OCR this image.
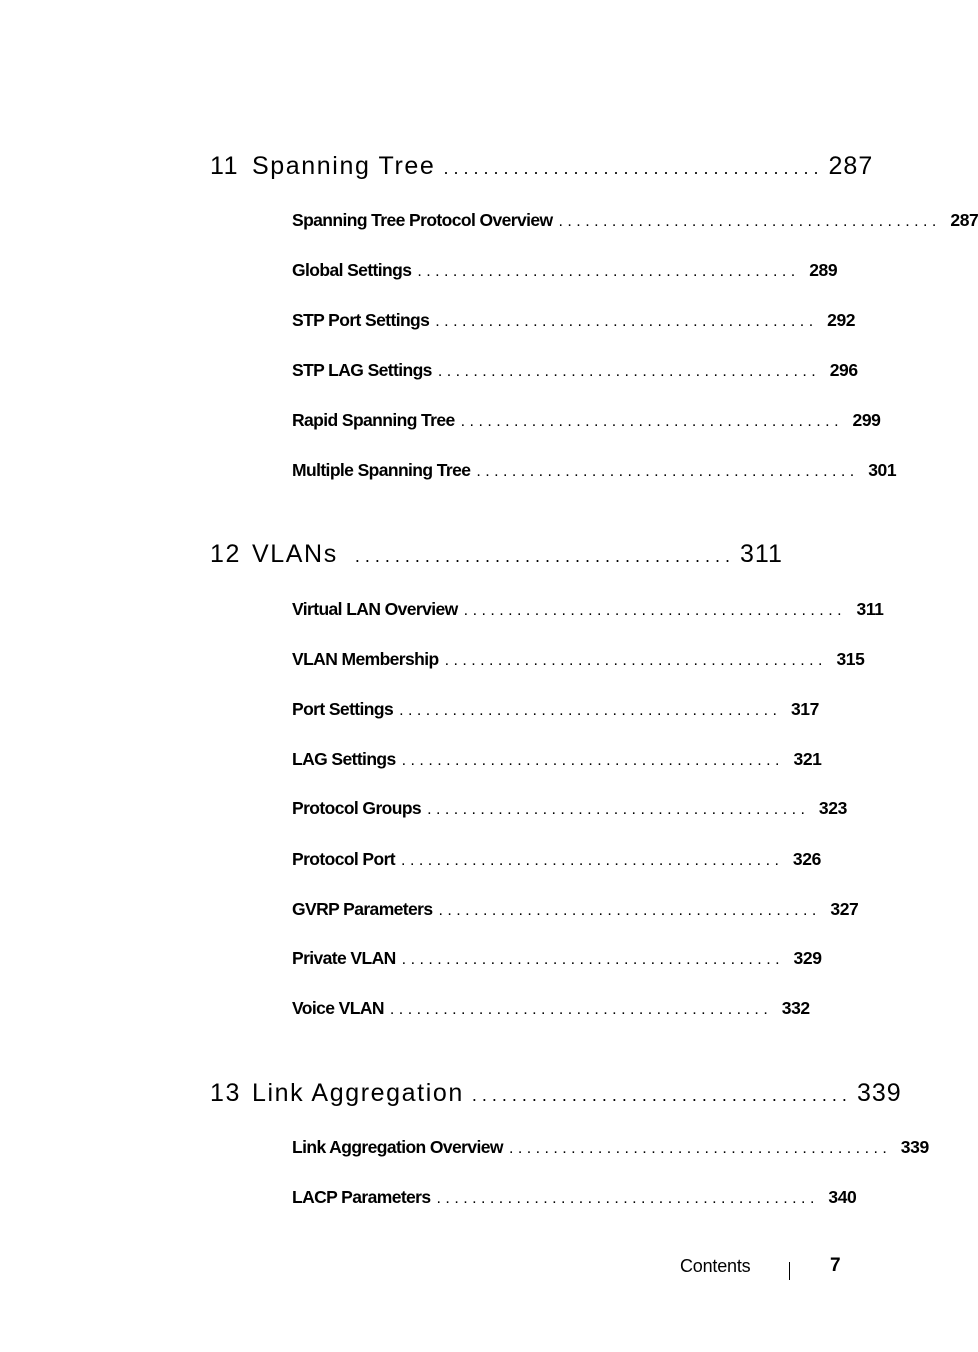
11 Spanning Tree . . . . . . . . . . . . . . . . . . . . . . . . . . . . . . . . . . . . . . 287
Spanning Tree Protocol Overview . . . . . . . . . . . . . . . . . . . . . . . . . . . . . . . . . . . . . . . . . . . 287
Global Settings . . . . . . . . . . . . . . . . . . . . . . . . . . . . . . . . . . . . . . . . . . . 289
STP Port Settings . . . . . . . . . . . . . . . . . . . . . . . . . . . . . . . . . . . . . . . . . . . 292
STP LAG Settings . . . . . . . . . . . . . . . . . . . . . . . . . . . . . . . . . . . . . . . . . . . 296
Rapid Spanning Tree . . . . . . . . . . . . . . . . . . . . . . . . . . . . . . . . . . . . . . . . . . . 299
Multiple Spanning Tree . . . . . . . . . . . . . . . . . . . . . . . . . . . . . . . . . . . . . . . . . . . 301
12 VLANs . . . . . . . . . . . . . . . . . . . . . . . . . . . . . . . . . . . . . . 311
Virtual LAN Overview . . . . . . . . . . . . . . . . . . . . . . . . . . . . . . . . . . . . . . . . . . . 311
VLAN Membership . . . . . . . . . . . . . . . . . . . . . . . . . . . . . . . . . . . . . . . . . . . 315
Port Settings . . . . . . . . . . . . . . . . . . . . . . . . . . . . . . . . . . . . . . . . . . . 317
LAG Settings . . . . . . . . . . . . . . . . . . . . . . . . . . . . . . . . . . . . . . . . . . . 321
Protocol Groups . . . . . . . . . . . . . . . . . . . . . . . . . . . . . . . . . . . . . . . . . . . 323
Protocol Port . . . . . . . . . . . . . . . . . . . . . . . . . . . . . . . . . . . . . . . . . . . 326
GVRP Parameters . . . . . . . . . . . . . . . . . . . . . . . . . . . . . . . . . . . . . . . . . . . 327
Private VLAN . . . . . . . . . . . . . . . . . . . . . . . . . . . . . . . . . . . . . . . . . . . 329
Voice VLAN . . . . . . . . . . . . . . . . . . . . . . . . . . . . . . . . . . . . . . . . . . . 332
13 Link Aggregation . . . . . . . . . . . . . . . . . . . . . . . . . . . . . . . . . . . . . . 339
Link Aggregation Overview . . . . . . . . . . . . . . . . . . . . . . . . . . . . . . . . . . . . . . . . . . . 339
LACP Parameters . . . . . . . . . . . . . . . . . . . . . . . . . . . . . . . . . . . . . . . . . . . 340
Contents	7
